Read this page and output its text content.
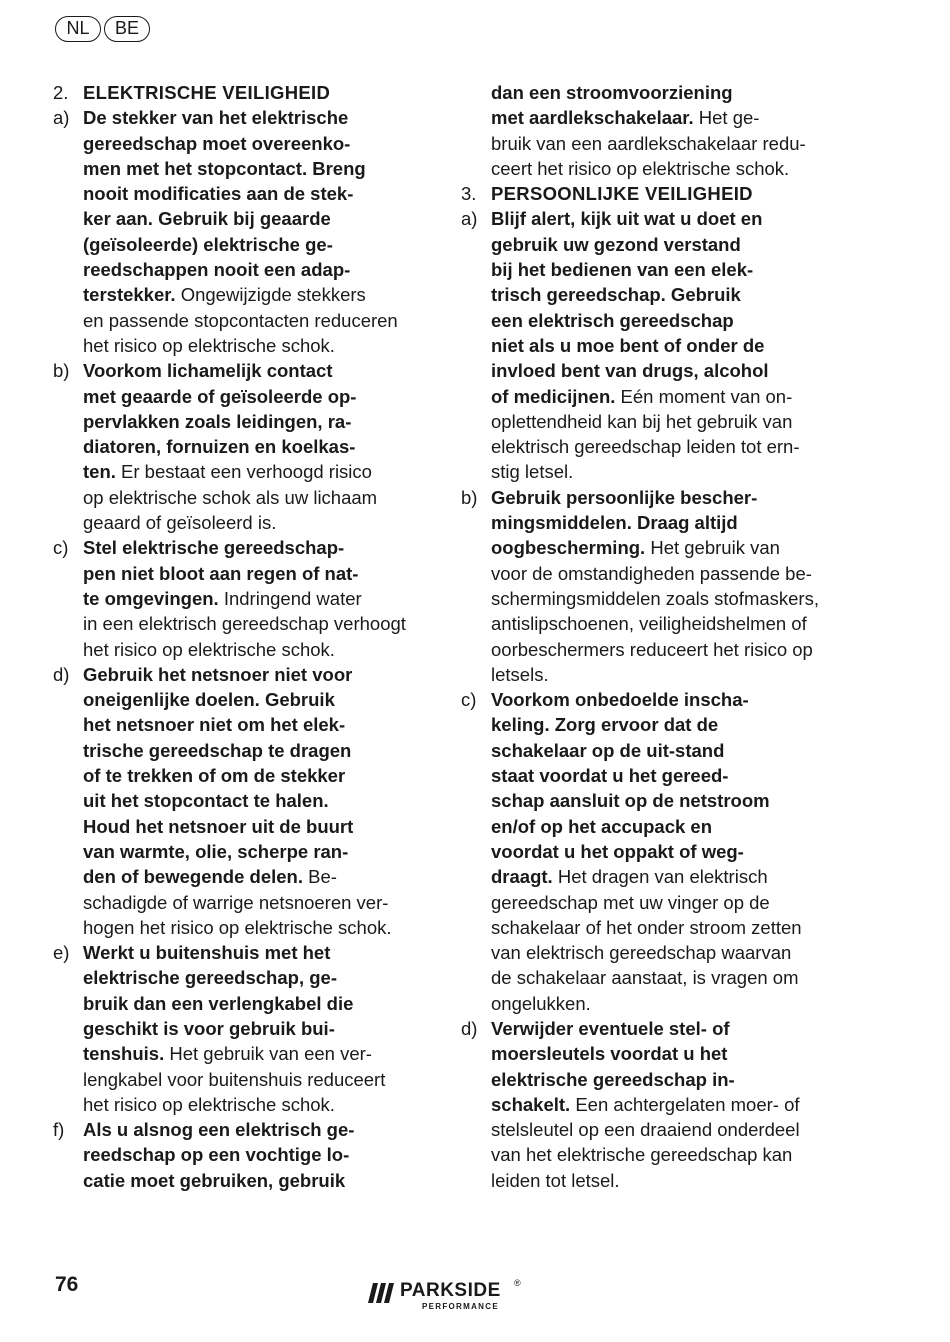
NL	BE
2. ELEKTRISCHE VEILIGHEID
a) De stekker van het elektrische
gereedschap moet overeenko-
men met het stopcontact. Breng
nooit modificaties aan de stek-
ker aan. Gebruik bij geaarde
(geïsoleerde) elektrische ge-
reedschappen nooit een adap-
terstekker. Ongewijzigde stekkers
en passende stopcontacten reduceren
het risico op elektrische schok.
b) Voorkom lichamelijk contact
met geaarde of geïsoleerde op-
pervlakken zoals leidingen, ra-
diatoren, fornuizen en koelkas-
ten. Er bestaat een verhoogd risico
op elektrische schok als uw lichaam
geaard of geïsoleerd is.
c) Stel elektrische gereedschap-
pen niet bloot aan regen of nat-
te omgevingen. Indringend water
in een elektrisch gereedschap verhoogt
het risico op elektrische schok.
d) Gebruik het netsnoer niet voor
oneigenlijke doelen. Gebruik
het netsnoer niet om het elek-
trische gereedschap te dragen
of te trekken of om de stekker
uit het stopcontact te halen.
Houd het netsnoer uit de buurt
van warmte, olie, scherpe ran-
den of bewegende delen. Be-
schadigde of warrige netsnoeren ver-
hogen het risico op elektrische schok.
e) Werkt u buitenshuis met het
elektrische gereedschap, ge-
bruik dan een verlengkabel die
geschikt is voor gebruik bui-
tenshuis. Het gebruik van een ver-
lengkabel voor buitenshuis reduceert
het risico op elektrische schok.
f)	Als u alsnog een elektrisch ge-
reedschap op een vochtige lo-
catie moet gebruiken, gebruik
dan een stroomvoorziening
met aardlekschakelaar. Het ge-
bruik van een aardlekschakelaar redu-
ceert het risico op elektrische schok.
3. PERSOONLIJKE VEILIGHEID
a) Blijf alert, kijk uit wat u doet en
gebruik uw gezond verstand
bij het bedienen van een elek-
trisch gereedschap. Gebruik
een elektrisch gereedschap
niet als u moe bent of onder de
invloed bent van drugs, alcohol
of medicijnen. Eén moment van on-
oplettendheid kan bij het gebruik van
elektrisch gereedschap leiden tot ern-
stig letsel.
b) Gebruik persoonlijke bescher-
mingsmiddelen. Draag altijd
oogbescherming. Het gebruik van
voor de omstandigheden passende be-
schermingsmiddelen zoals stofmaskers,
antislipschoenen, veiligheidshelmen of
oorbeschermers reduceert het risico op
letsels.
c) Voorkom onbedoelde inscha-
keling. Zorg ervoor dat de
schakelaar op de uit-stand
staat voordat u het gereed-
schap aansluit op de netstroom
en/of op het accupack en
voordat u het oppakt of weg-
draagt. Het dragen van elektrisch
gereedschap met uw vinger op de
schakelaar of het onder stroom zetten
van elektrisch gereedschap waarvan
de schakelaar aanstaat, is vragen om
ongelukken.
d) Verwijder eventuele stel- of
moersleutels voordat u het
elektrische gereedschap in-
schakelt. Een achtergelaten moer- of
stelsleutel op een draaiend onderdeel
van het elektrische gereedschap kan
leiden tot letsel.
76	PARKSIDE ®
PERFORMANCE
